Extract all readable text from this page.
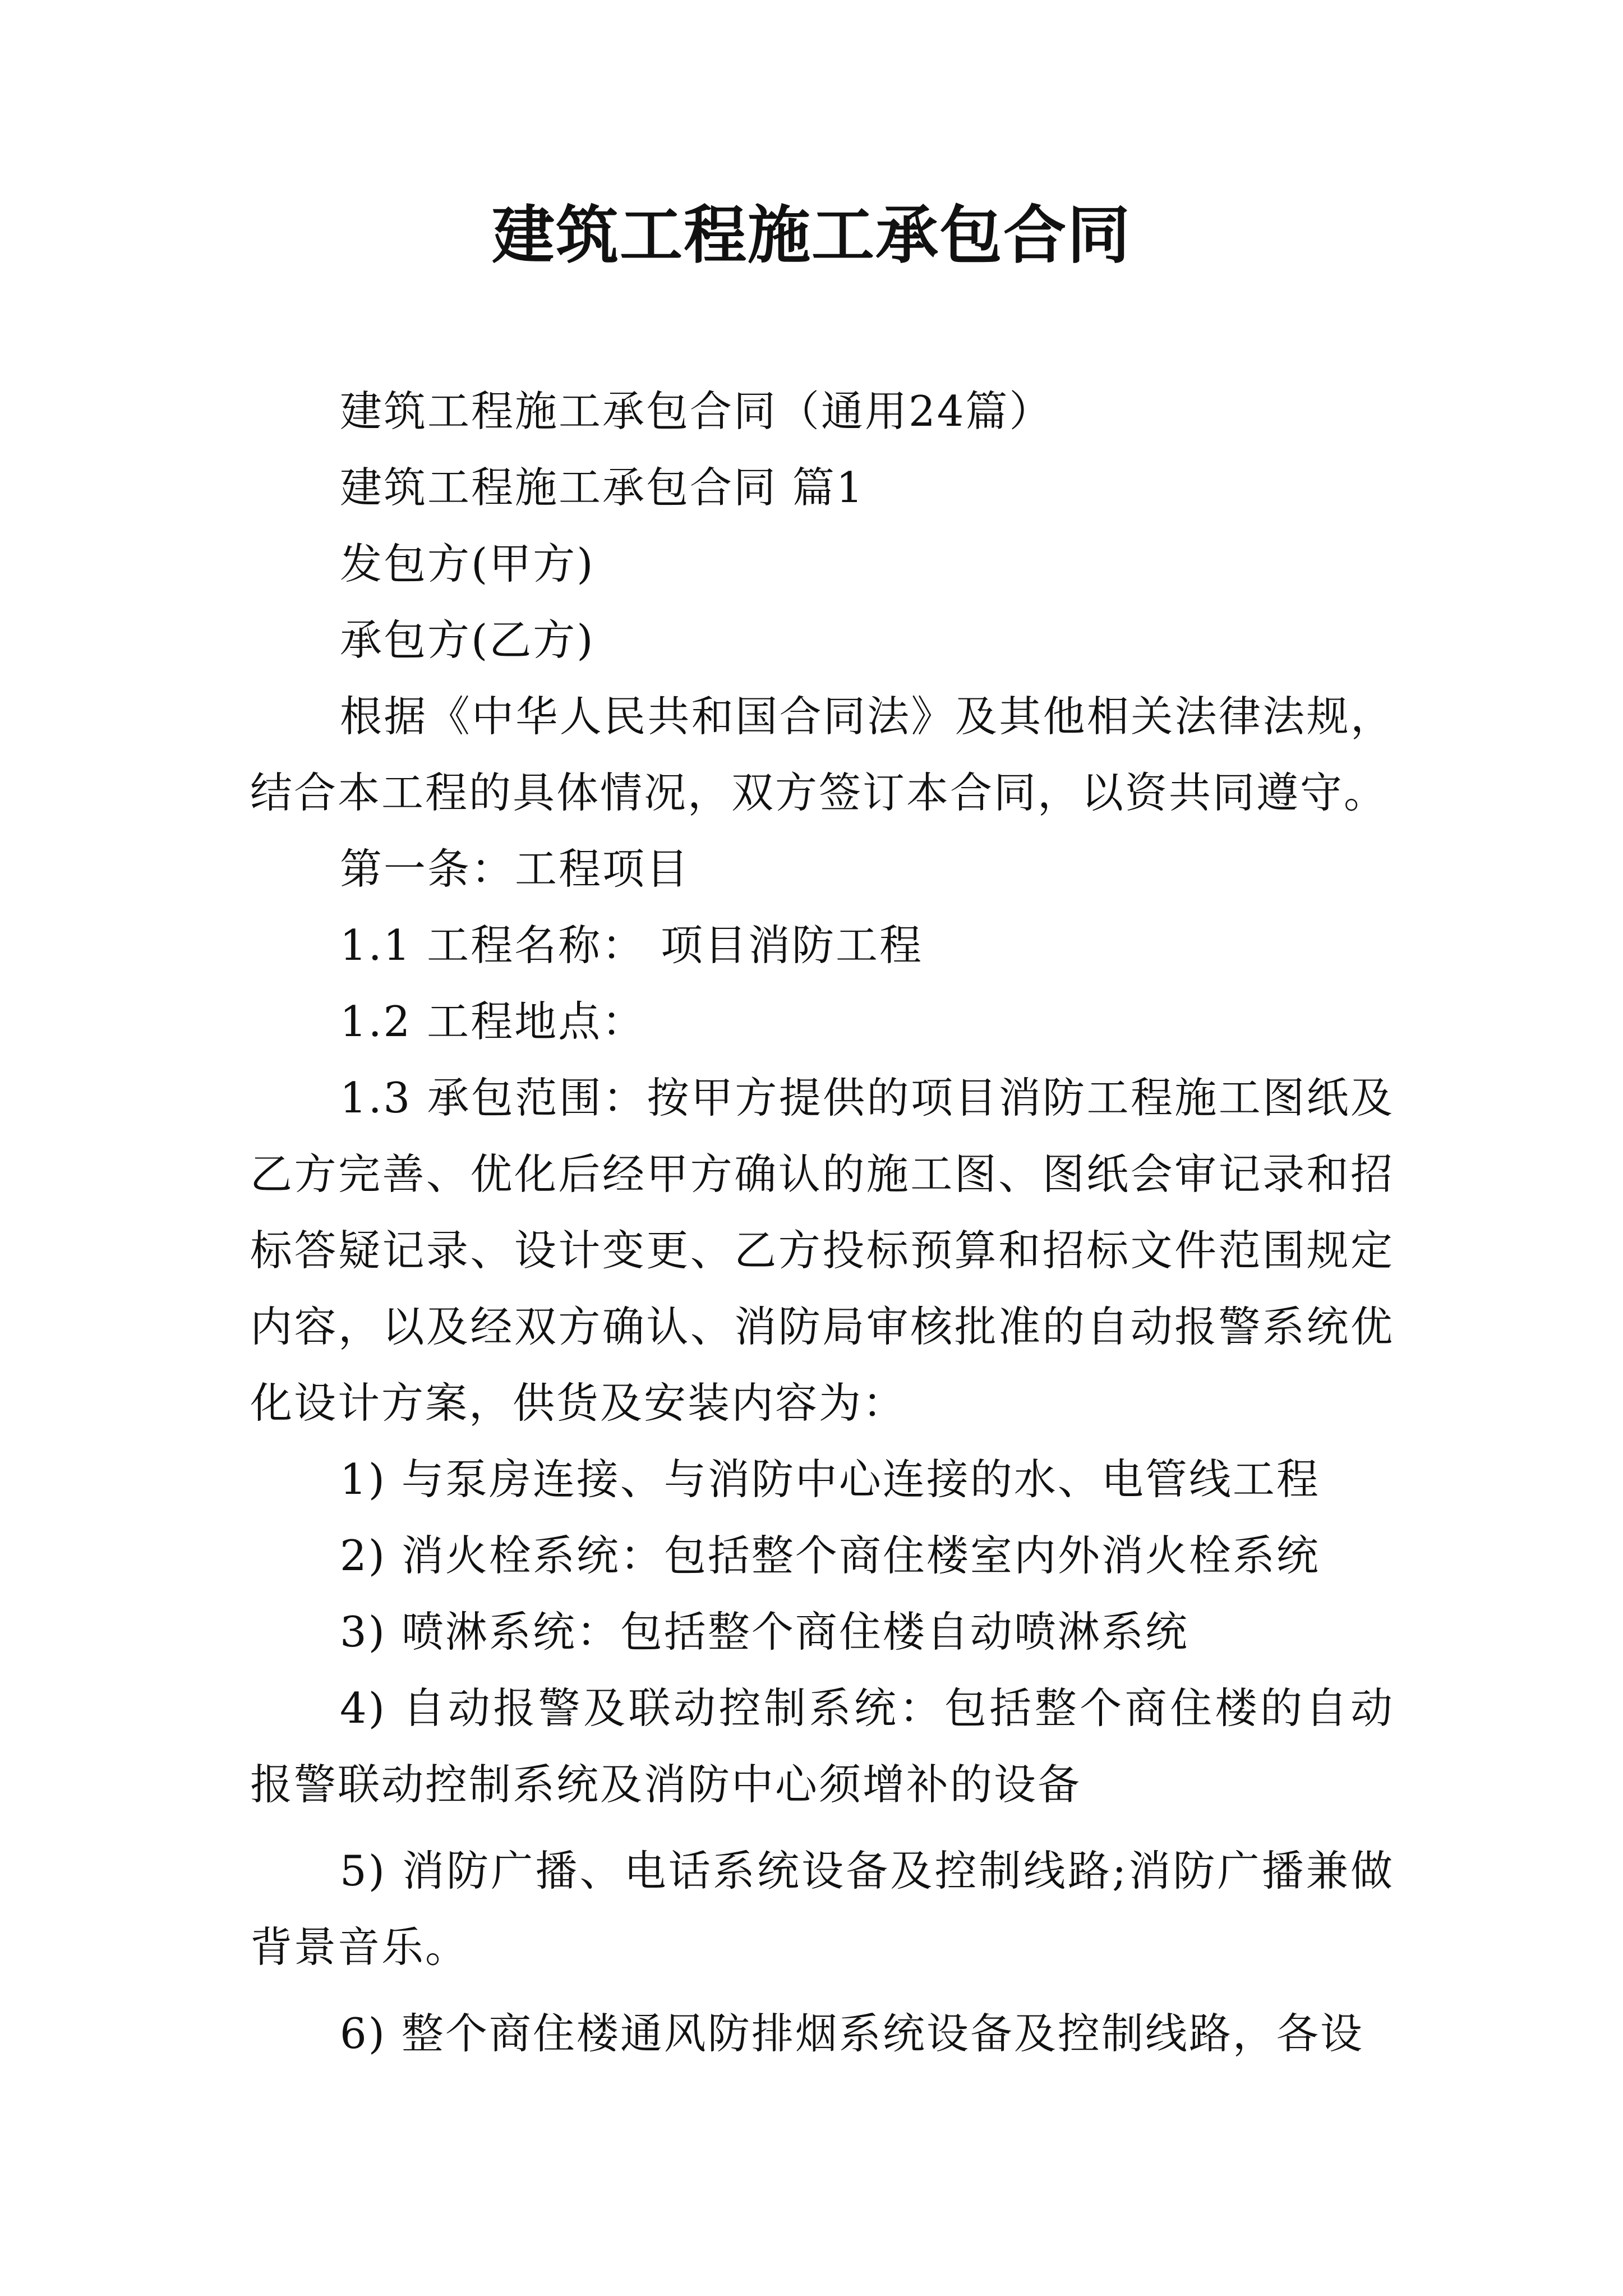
建筑工程施工承包合同

建筑工程施工承包合同（通用24篇）

建筑工程施工承包合同 篇1

发包方(甲方)

承包方(乙方)

根据《中华人民共和国合同法》及其他相关法律法规，结合本工程的具体情况，双方签订本合同，以资共同遵守。

第一条：工程项目

1.1 工程名称： 项目消防工程

1.2 工程地点：

1.3 承包范围：按甲方提供的项目消防工程施工图纸及乙方完善、优化后经甲方确认的施工图、图纸会审记录和招标答疑记录、设计变更、乙方投标预算和招标文件范围规定内容，以及经双方确认、消防局审核批准的自动报警系统优化设计方案，供货及安装内容为：

1) 与泵房连接、与消防中心连接的水、电管线工程

2) 消火栓系统：包括整个商住楼室内外消火栓系统

3) 喷淋系统：包括整个商住楼自动喷淋系统

4) 自动报警及联动控制系统：包括整个商住楼的自动报警联动控制系统及消防中心须增补的设备

5) 消防广播、电话系统设备及控制线路;消防广播兼做背景音乐。

6) 整个商住楼通风防排烟系统设备及控制线路，各设
